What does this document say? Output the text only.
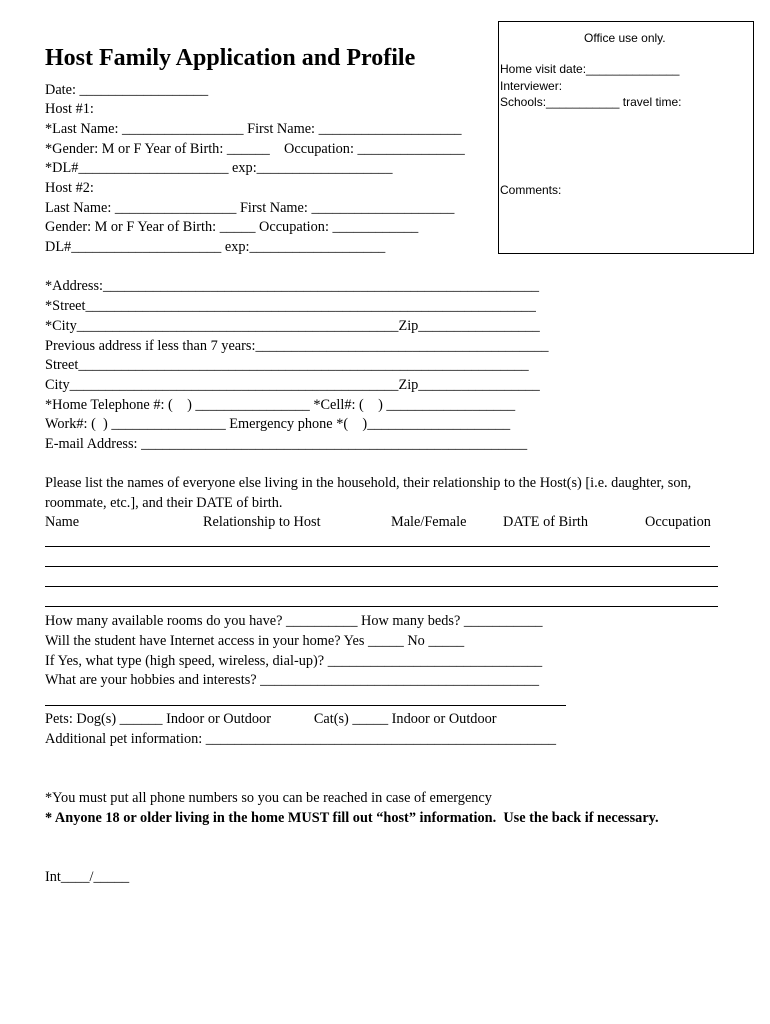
Host Family Application and Profile
Office use only.
Home visit date:______________
Interviewer:
Schools:___________ travel time:
Comments:
Date: __________________
Host #1:
*Last Name: _________________ First Name: ____________________
*Gender: M or F Year of Birth: ______    Occupation: _______________
*DL#_____________________ exp:___________________
Host #2:
Last Name: _________________ First Name: ____________________
Gender: M or F Year of Birth: _____ Occupation: ____________
DL#_____________________ exp:___________________
*Address:_____________________________________________________________
*Street_______________________________________________________________
*City_____________________________________________Zip_________________
Previous address if less than 7 years:_________________________________________
Street_______________________________________________________________
City______________________________________________Zip_________________
*Home Telephone #: (    ) ________________ *Cell#: (    ) __________________
Work#: (  ) ________________ Emergency phone *(    )____________________
E-mail Address: ______________________________________________________
Please list the names of everyone else living in the household, their relationship to the Host(s) [i.e. daughter, son,
roommate, etc.], and their DATE of birth.
Name	Relationship to Host	Male/Female	DATE of Birth	Occupation
How many available rooms do you have? __________ How many beds? ___________
Will the student have Internet access in your home? Yes _____ No _____
If Yes, what type (high speed, wireless, dial-up)? ______________________________
What are your hobbies and interests? _______________________________________
Pets: Dog(s) ______ Indoor or Outdoor            Cat(s) _____ Indoor or Outdoor
Additional pet information: _________________________________________________
*You must put all phone numbers so you can be reached in case of emergency
* Anyone 18 or older living in the home MUST fill out “host” information.  Use the back if necessary.
Int____/_____
